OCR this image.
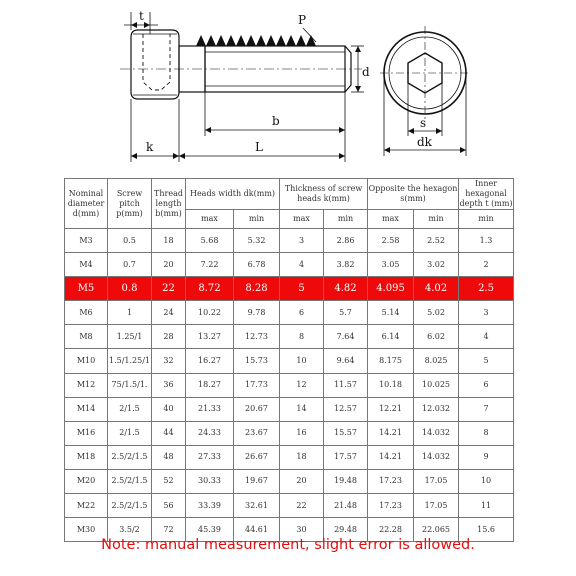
t	P
d
b
k	L
s
dk
Nominal diameter d(mm)	Screw pitch p(mm)	Thread length b(mm)	Heads width dk(mm)		Thickness of screw heads k(mm)		Opposite the hexagon s(mm)		Inner hexagonal depth t (mm)
			max	min	max	min	max	min	min
M3	0.5	18	5.68	5.32	3	2.86	2.58	2.52	1.3
M4	0.7	20	7.22	6.78	4	3.82	3.05	3.02	2
M5	0.8	22	8.72	8.28	5	4.82	4.095	4.02	2.5
M6	1	24	10.22	9.78	6	5.7	5.14	5.02	3
M8	1.25/1	28	13.27	12.73	8	7.64	6.14	6.02	4
M10	1.5/1.25/1	32	16.27	15.73	10	9.64	8.175	8.025	5
M12	75/1.5/1.	36	18.27	17.73	12	11.57	10.18	10.025	6
M14	2/1.5	40	21.33	20.67	14	12.57	12.21	12.032	7
M16	2/1.5	44	24.33	23.67	16	15.57	14.21	14.032	8
M18	2.5/2/1.5	48	27.33	26.67	18	17.57	14.21	14.032	9
M20	2.5/2/1.5	52	30.33	19.67	20	19.48	17.23	17.05	10
M22	2.5/2/1.5	56	33.39	32.61	22	21.48	17.23	17.05	11
M30	3.5/2	72	45.39	44.61	30	29.48	22.28	22.065	15.6
Note: manual measurement, slight error is allowed.
